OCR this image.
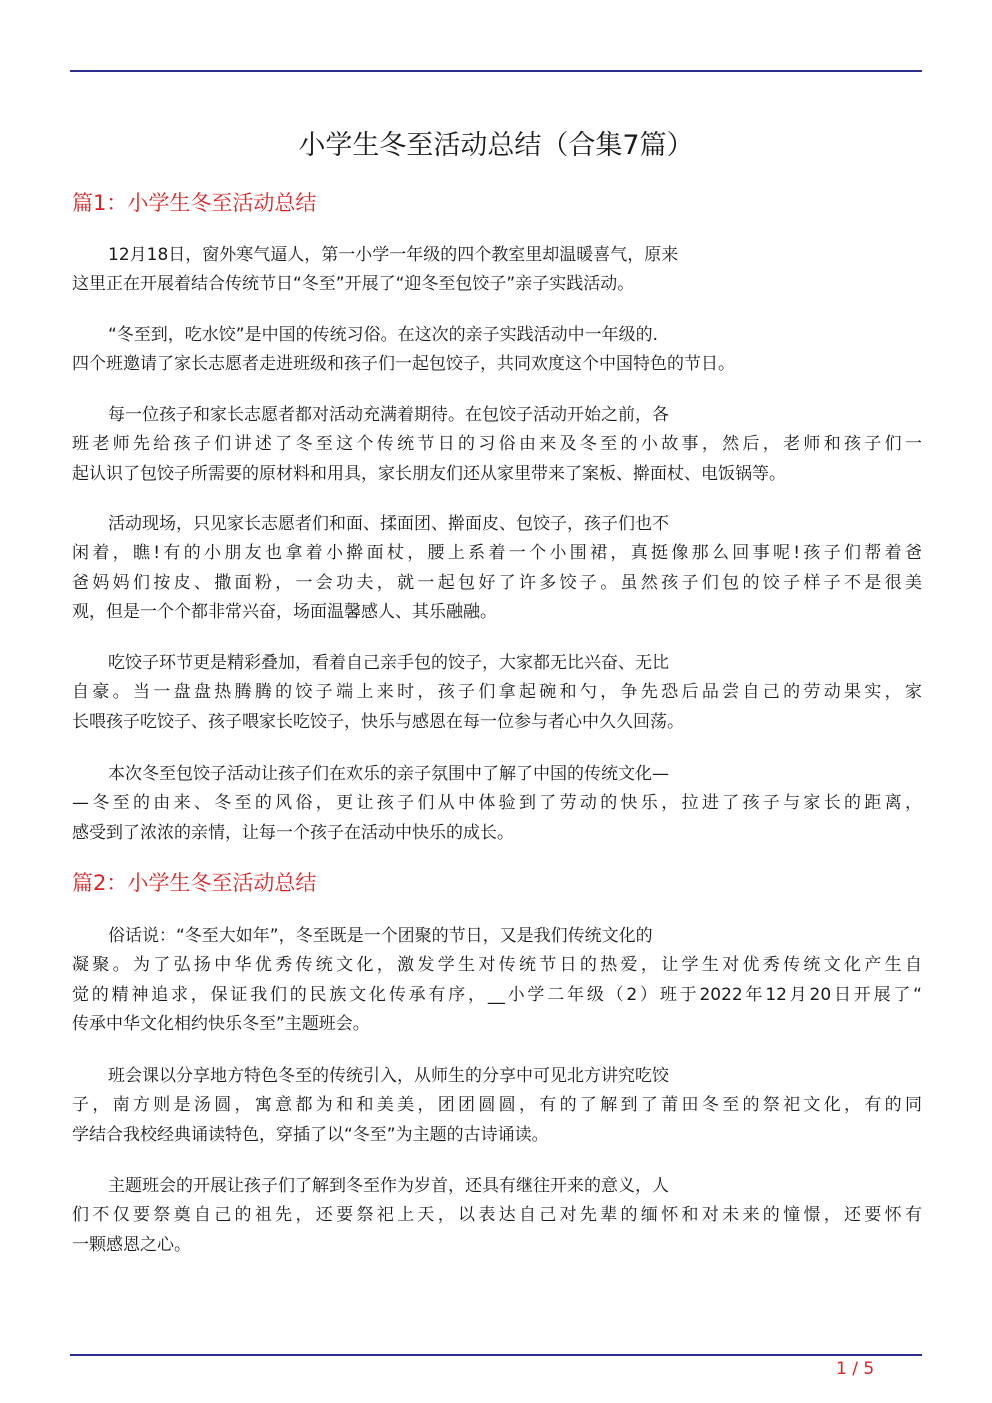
小学生冬至活动总结（合集7篇）
篇1：小学生冬至活动总结
12月18日，窗外寒气逼人，第一小学一年级的四个教室里却温暖喜气，原来
这里正在开展着结合传统节日“冬至”开展了“迎冬至包饺子”亲子实践活动。
“冬至到，吃水饺”是中国的传统习俗。在这次的亲子实践活动中一年级的.
四个班邀请了家长志愿者走进班级和孩子们一起包饺子，共同欢度这个中国特色的节日。
每一位孩子和家长志愿者都对活动充满着期待。在包饺子活动开始之前，各
班老师先给孩子们讲述了冬至这个传统节日的习俗由来及冬至的小故事，然后，老师和孩子们一
起认识了包饺子所需要的原材料和用具，家长朋友们还从家里带来了案板、擀面杖、电饭锅等。
活动现场，只见家长志愿者们和面、揉面团、擀面皮、包饺子，孩子们也不
闲着，瞧!有的小朋友也拿着小擀面杖，腰上系着一个小围裙，真挺像那么回事呢!孩子们帮着爸
爸妈妈们按皮、撒面粉，一会功夫，就一起包好了许多饺子。虽然孩子们包的饺子样子不是很美
观，但是一个个都非常兴奋，场面温馨感人、其乐融融。
吃饺子环节更是精彩叠加，看着自己亲手包的饺子，大家都无比兴奋、无比
自豪。当一盘盘热腾腾的饺子端上来时，孩子们拿起碗和勺，争先恐后品尝自己的劳动果实，家
长喂孩子吃饺子、孩子喂家长吃饺子，快乐与感恩在每一位参与者心中久久回荡。
本次冬至包饺子活动让孩子们在欢乐的亲子氛围中了解了中国的传统文化—
—冬至的由来、冬至的风俗，更让孩子们从中体验到了劳动的快乐，拉进了孩子与家长的距离，
感受到了浓浓的亲情，让每一个孩子在活动中快乐的成长。
篇2：小学生冬至活动总结
俗话说：“冬至大如年”，冬至既是一个团聚的节日，又是我们传统文化的
凝聚。为了弘扬中华优秀传统文化，激发学生对传统节日的热爱，让学生对优秀传统文化产生自
觉的精神追求，保证我们的民族文化传承有序，__小学二年级（2）班于2022年12月20日开展了“
传承中华文化相约快乐冬至”主题班会。
班会课以分享地方特色冬至的传统引入，从师生的分享中可见北方讲究吃饺
子，南方则是汤圆，寓意都为和和美美，团团圆圆，有的了解到了莆田冬至的祭祀文化，有的同
学结合我校经典诵读特色，穿插了以“冬至”为主题的古诗诵读。
主题班会的开展让孩子们了解到冬至作为岁首，还具有继往开来的意义，人
们不仅要祭奠自己的祖先，还要祭祀上天，以表达自己对先辈的缅怀和对未来的憧憬，还要怀有
一颗感恩之心。
1 / 5
